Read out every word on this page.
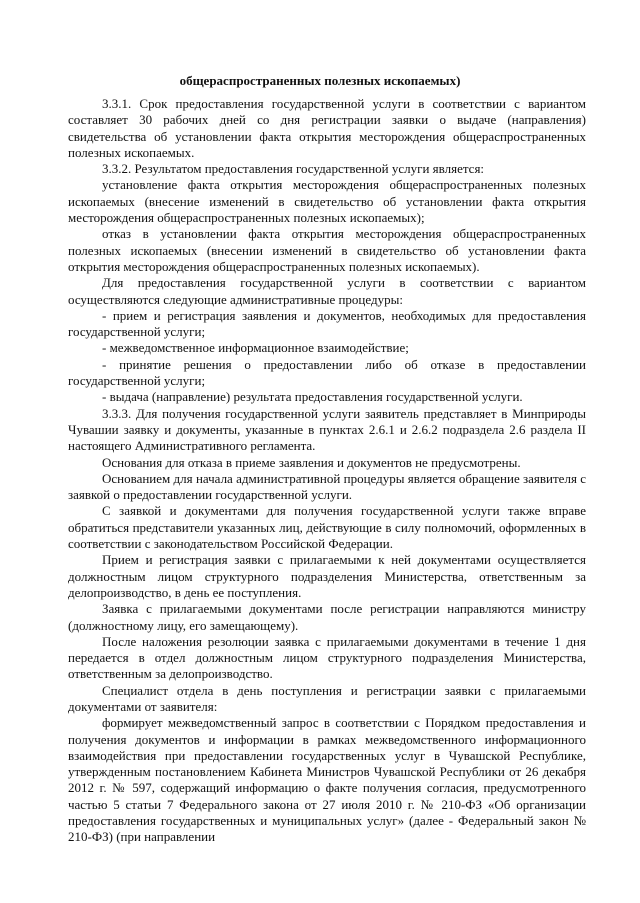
общераспространенных полезных ископаемых)

3.3.1. Срок предоставления государственной услуги в соответствии с вариантом составляет 30 рабочих дней со дня регистрации заявки о выдаче (направления) свидетельства об установлении факта открытия месторождения общераспространенных полезных ископаемых.

3.3.2. Результатом предоставления государственной услуги является:

установление факта открытия месторождения общераспространенных полезных ископаемых (внесение изменений в свидетельство об установлении факта открытия месторождения общераспространенных полезных ископаемых);

отказ в установлении факта открытия месторождения общераспространенных полезных ископаемых (внесении изменений в свидетельство об установлении факта открытия месторождения общераспространенных полезных ископаемых).

Для предоставления государственной услуги в соответствии с вариантом осуществляются следующие административные процедуры:

- прием и регистрация заявления и документов, необходимых для предоставления государственной услуги;

- межведомственное информационное взаимодействие;

- принятие решения о предоставлении либо об отказе в предоставлении государственной услуги;

- выдача (направление) результата предоставления государственной услуги.

3.3.3. Для получения государственной услуги заявитель представляет в Минприроды Чувашии заявку и документы, указанные в пунктах 2.6.1 и 2.6.2 подраздела 2.6 раздела II настоящего Административного регламента.

Основания для отказа в приеме заявления и документов не предусмотрены.

Основанием для начала административной процедуры является обращение заявителя с заявкой о предоставлении государственной услуги.

С заявкой и документами для получения государственной услуги также вправе обратиться представители указанных лиц, действующие в силу полномочий, оформленных в соответствии с законодательством Российской Федерации.

Прием и регистрация заявки с прилагаемыми к ней документами осуществляется должностным лицом структурного подразделения Министерства, ответственным за делопроизводство, в день ее поступления.

Заявка с прилагаемыми документами после регистрации направляются министру (должностному лицу, его замещающему).

После наложения резолюции заявка с прилагаемыми документами в течение 1 дня передается в отдел должностным лицом структурного подразделения Министерства, ответственным за делопроизводство.

Специалист отдела в день поступления и регистрации заявки с прилагаемыми документами от заявителя:

формирует межведомственный запрос в соответствии с Порядком предоставления и получения документов и информации в рамках межведомственного информационного взаимодействия при предоставлении государственных услуг в Чувашской Республике, утвержденным постановлением Кабинета Министров Чувашской Республики от 26 декабря 2012 г. № 597, содержащий информацию о факте получения согласия, предусмотренного частью 5 статьи 7 Федерального закона от 27 июля 2010 г. № 210-ФЗ «Об организации предоставления государственных и муниципальных услуг» (далее - Федеральный закон № 210-ФЗ) (при направлении
